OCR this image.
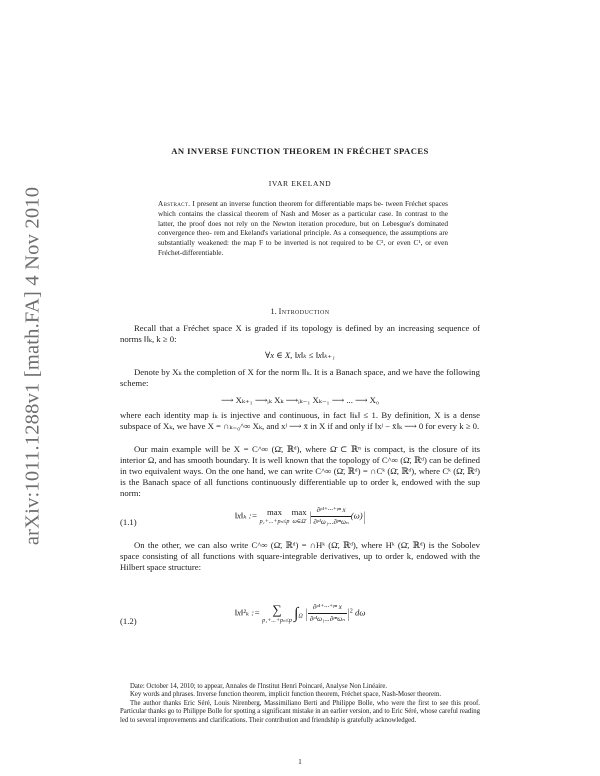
arXiv:1011.1288v1 [math.FA] 4 Nov 2010
AN INVERSE FUNCTION THEOREM IN FRÉCHET SPACES
IVAR EKELAND
Abstract. I present an inverse function theorem for differentiable maps be- tween Fréchet spaces which contains the classical theorem of Nash and Moser as a particular case. In contrast to the latter, the proof does not rely on the Newton iteration procedure, but on Lebesgue's dominated convergence theo- rem and Ekeland's variational principle. As a consequence, the assumptions are substantially weakened: the map F to be inverted is not required to be C², or even C¹, or even Fréchet-differentiable.
1. Introduction
Recall that a Fréchet space X is graded if its topology is defined by an increasing sequence of norms ‖‖ₖ, k ≥ 0:
∀x ∈ X, ‖x‖ₖ ≤ ‖x‖ₖ₊₁
Denote by Xₖ the completion of X for the norm ‖‖ₖ. It is a Banach space, and we have the following scheme:
⟶ Xₖ₊₁ ⟶ᵢₖ Xₖ ⟶ᵢₖ₋₁ Xₖ₋₁ ⟶ ... ⟶ X₀
where each identity map iₖ is injective and continuous, in fact ‖iₖ‖ ≤ 1. By definition, X is a dense subspace of Xₖ, we have X = ∩ₖ₌₀^∞ Xₖ, and xʲ ⟶ x̄ in X if and only if ‖xʲ − x̄‖ₖ ⟶ 0 for every k ≥ 0.
Our main example will be X = C^∞ (Ω̄, ℝᵈ), where Ω̄ ⊂ ℝⁿ is compact, is the closure of its interior Ω, and has smooth boundary. It is well known that the topology of C^∞ (Ω̄, ℝᵈ) can be defined in two equivalent ways. On the one hand, we can write C^∞ (Ω̄, ℝᵈ) = ∩Cᵏ (Ω̄, ℝᵈ), where Cᵏ (Ω̄, ℝᵈ) is the Banach space of all functions continuously differentiable up to order k, endowed with the sup norm:
(1.1)
‖x‖ₖ :=	max
p₁+...+pₙ≤p

max
ω∈Ω̄ | $\frac{\text{∂ᵖ¹⁺···⁺ᵖⁿ x}}{\text{∂ᵖ¹ω₁...∂ᵖⁿωₙ}} (\omega)|$
On the other, we can also write C^∞ (Ω̄, ℝᵈ) = ∩Hᵏ (Ω̄, ℝᵈ), where Hᵏ (Ω̄, ℝᵈ) is the Sobolev space consisting of all functions with square-integrable derivatives, up to order k, endowed with the Hilbert space structure:
(1.2)
‖x‖²ₖ := ∑
p₁+...+pₙ≤p $\int_\Omega$ | $\frac{\text{∂ᵖ¹⁺···⁺ᵖⁿ x}}{\text{∂ᵖ¹ω₁...∂ᵖⁿωₙ}} |^2$ dω

Date: October 14, 2010; to appear, Annales de l'Institut Henri Poincaré, Analyse Non Linéaire.

Key words and phrases. Inverse function theorem, implicit function theorem, Fréchet space, Nash-Moser theorem.

The author thanks Eric Séré, Louis Nirenberg, Massimiliano Berti and Philippe Bolle, who were the first to see this proof. Particular thanks go to Philippe Bolle for spotting a significant mistake in an earlier version, and to Eric Séré, whose careful reading led to several improvements and clarifications. Their contribution and friendship is gratefully acknowledged.

1
